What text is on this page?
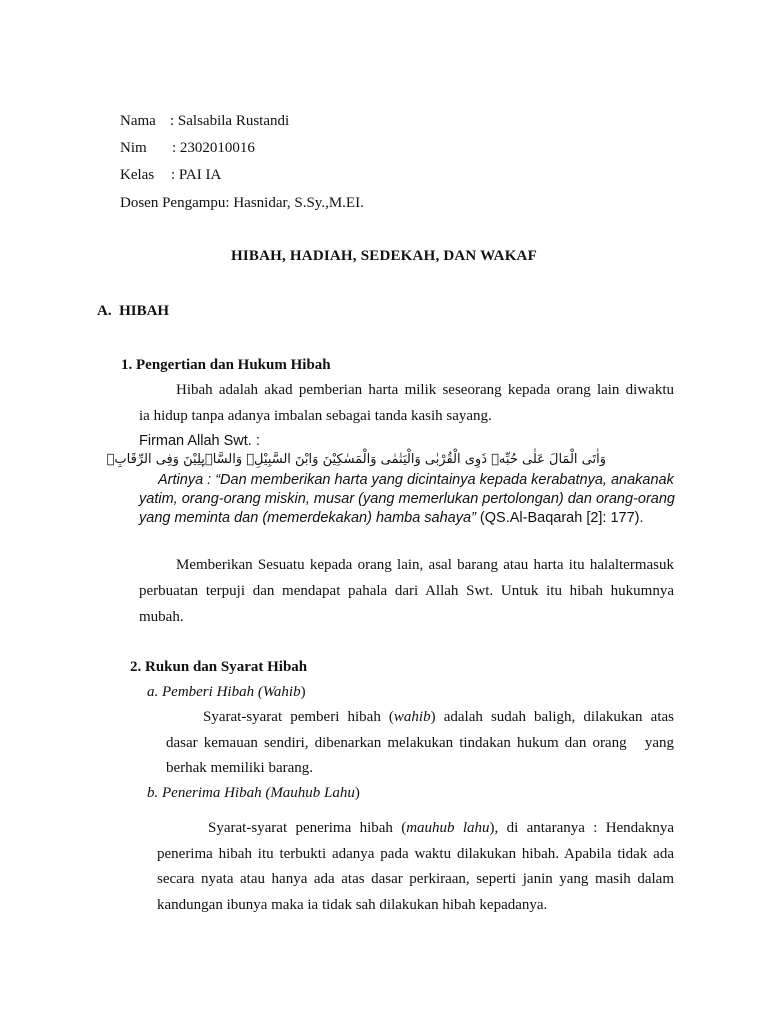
Nama : Salsabila Rustandi
Nim : 2302010016
Kelas : PAI IA
Dosen Pengampu: Hasnidar, S.Sy.,M.EI.
HIBAH, HADIAH, SEDEKAH, DAN WAKAF
A.  HIBAH
1. Pengertian dan Hukum Hibah
Hibah adalah akad pemberian harta milik seseorang kepada orang lain diwaktu
ia hidup tanpa adanya imbalan sebagai tanda kasih sayang.
Firman Allah Swt. :
وَاٰتَى الْمَالَ عَلٰى حُبِّهٖ ذَوِى الْقُرْبٰى وَالْيَتٰمٰى وَالْمَسٰكِيْنَ وَابْنَ السَّبِيْلِۙ وَالسَّاۤىِٕلِيْنَ وَفِى الرِّقَابِۚ
Artinya : “Dan memberikan harta yang dicintainya kepada kerabatnya, anakanak
yatim, orang-orang miskin, musar (yang memerlukan pertolongan) dan orang-orang
yang meminta dan (memerdekakan) hamba sahaya” (QS.Al-Baqarah [2]: 177).
Memberikan Sesuatu kepada orang lain, asal barang atau harta itu halaltermasuk
perbuatan terpuji dan mendapat pahala dari Allah Swt. Untuk itu hibah hukumnya
mubah.
2. Rukun dan Syarat Hibah
a. Pemberi Hibah (Wahib)
Syarat-syarat pemberi hibah (wahib) adalah sudah baligh, dilakukan atas
dasar kemauan sendiri, dibenarkan melakukan tindakan hukum dan orang   yang
berhak memiliki barang.
b. Penerima Hibah (Mauhub Lahu)
Syarat-syarat penerima hibah (mauhub lahu), di antaranya : Hendaknya
penerima hibah itu terbukti adanya pada waktu dilakukan hibah. Apabila tidak ada
secara nyata atau hanya ada atas dasar perkiraan, seperti janin yang masih dalam
kandungan ibunya maka ia tidak sah dilakukan hibah kepadanya.
